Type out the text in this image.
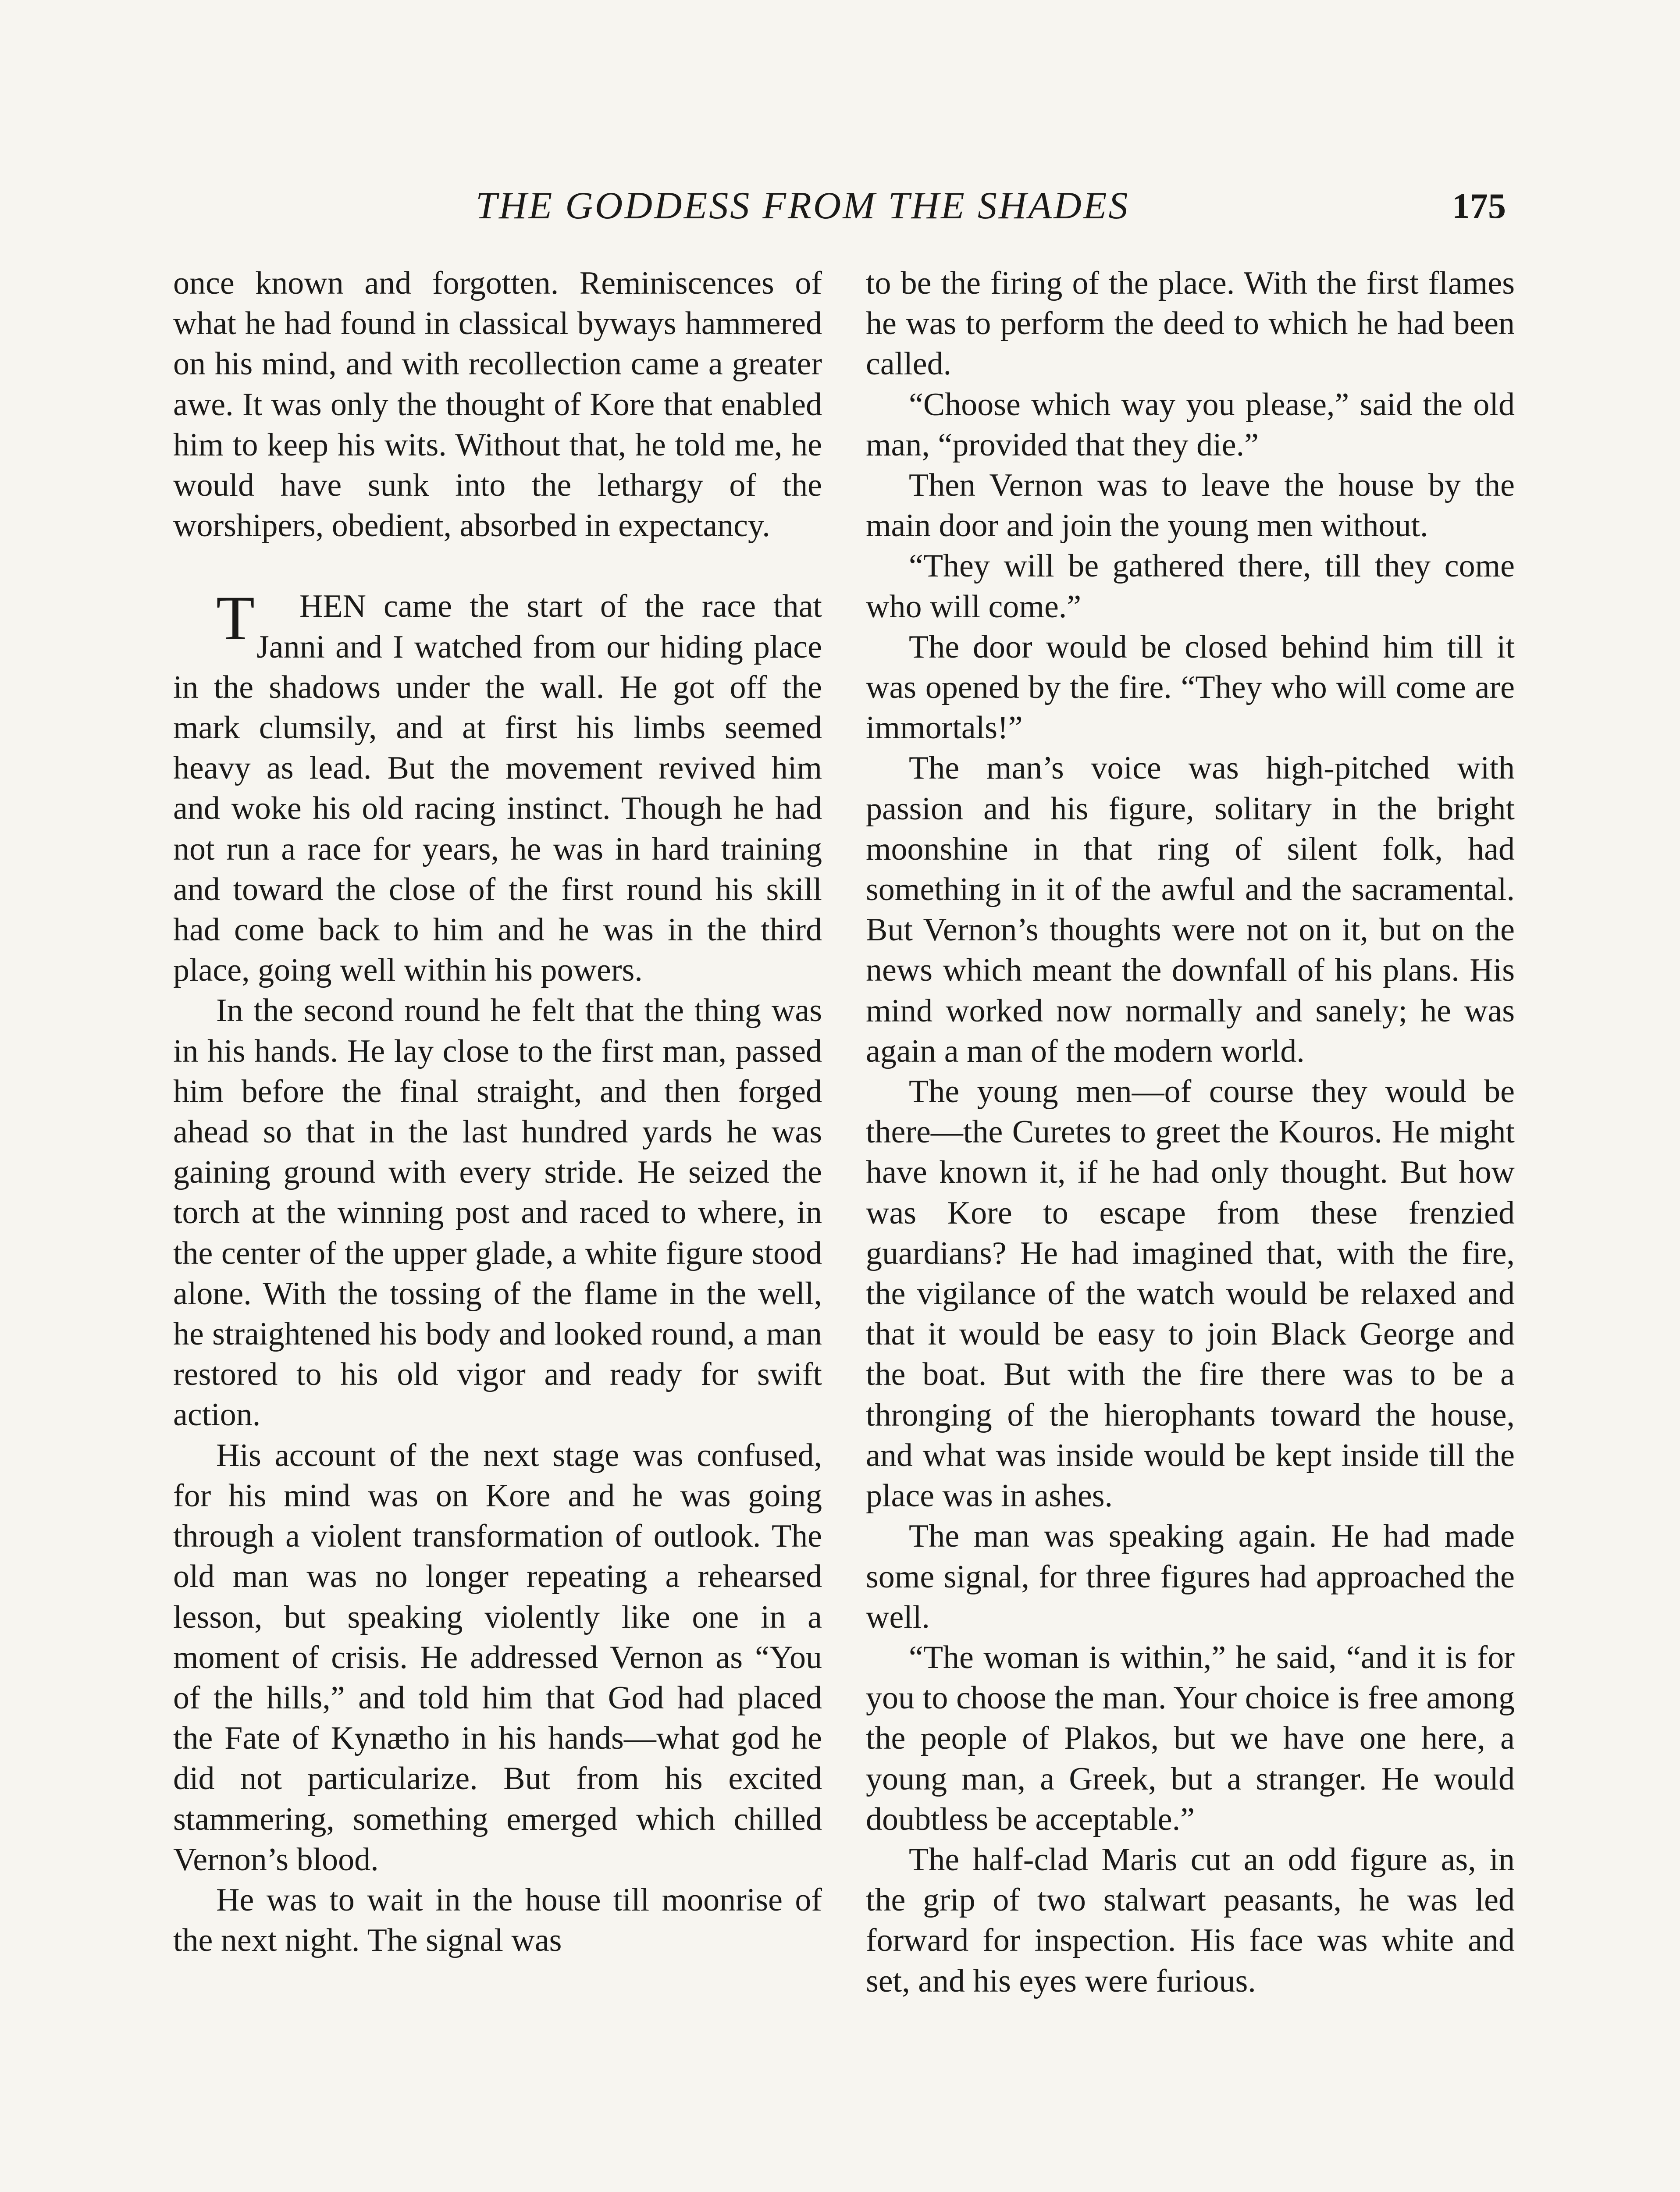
THE GODDESS FROM THE SHADES	175

once known and forgotten. Reminiscences of what he had found in classical byways hammered on his mind, and with recollection came a greater awe. It was only the thought of Kore that enabled him to keep his wits. Without that, he told me, he would have sunk into the lethargy of the worshipers, obedient, absorbed in expectancy.

T HEN came the start of the race that Janni and I watched from our hiding place in the shadows under the wall. He got off the mark clumsily, and at first his limbs seemed heavy as lead. But the movement revived him and woke his old racing instinct. Though he had not run a race for years, he was in hard training and toward the close of the first round his skill had come back to him and he was in the third place, going well within his powers.

In the second round he felt that the thing was in his hands. He lay close to the first man, passed him before the final straight, and then forged ahead so that in the last hundred yards he was gaining ground with every stride. He seized the torch at the winning post and raced to where, in the center of the upper glade, a white figure stood alone. With the tossing of the flame in the well, he straightened his body and looked round, a man restored to his old vigor and ready for swift action.

His account of the next stage was confused, for his mind was on Kore and he was going through a violent transformation of outlook. The old man was no longer repeating a rehearsed lesson, but speaking violently like one in a moment of crisis. He addressed Vernon as “You of the hills,” and told him that God had placed the Fate of Kynætho in his hands—what god he did not particularize. But from his excited stammering, something emerged which chilled Vernon’s blood.

He was to wait in the house till moonrise of the next night. The signal was

to be the firing of the place. With the first flames he was to perform the deed to which he had been called.

“Choose which way you please,” said the old man, “provided that they die.”

Then Vernon was to leave the house by the main door and join the young men without.

“They will be gathered there, till they come who will come.”

The door would be closed behind him till it was opened by the fire. “They who will come are immortals!”

The man’s voice was high-pitched with passion and his figure, solitary in the bright moonshine in that ring of silent folk, had something in it of the awful and the sacramental. But Vernon’s thoughts were not on it, but on the news which meant the downfall of his plans. His mind worked now normally and sanely; he was again a man of the modern world.

The young men—of course they would be there—the Curetes to greet the Kouros. He might have known it, if he had only thought. But how was Kore to escape from these frenzied guardians? He had imagined that, with the fire, the vigilance of the watch would be relaxed and that it would be easy to join Black George and the boat. But with the fire there was to be a thronging of the hierophants toward the house, and what was inside would be kept inside till the place was in ashes.

The man was speaking again. He had made some signal, for three figures had approached the well.

“The woman is within,” he said, “and it is for you to choose the man. Your choice is free among the people of Plakos, but we have one here, a young man, a Greek, but a stranger. He would doubtless be acceptable.”

The half-clad Maris cut an odd figure as, in the grip of two stalwart peasants, he was led forward for inspection. His face was white and set, and his eyes were furious.
